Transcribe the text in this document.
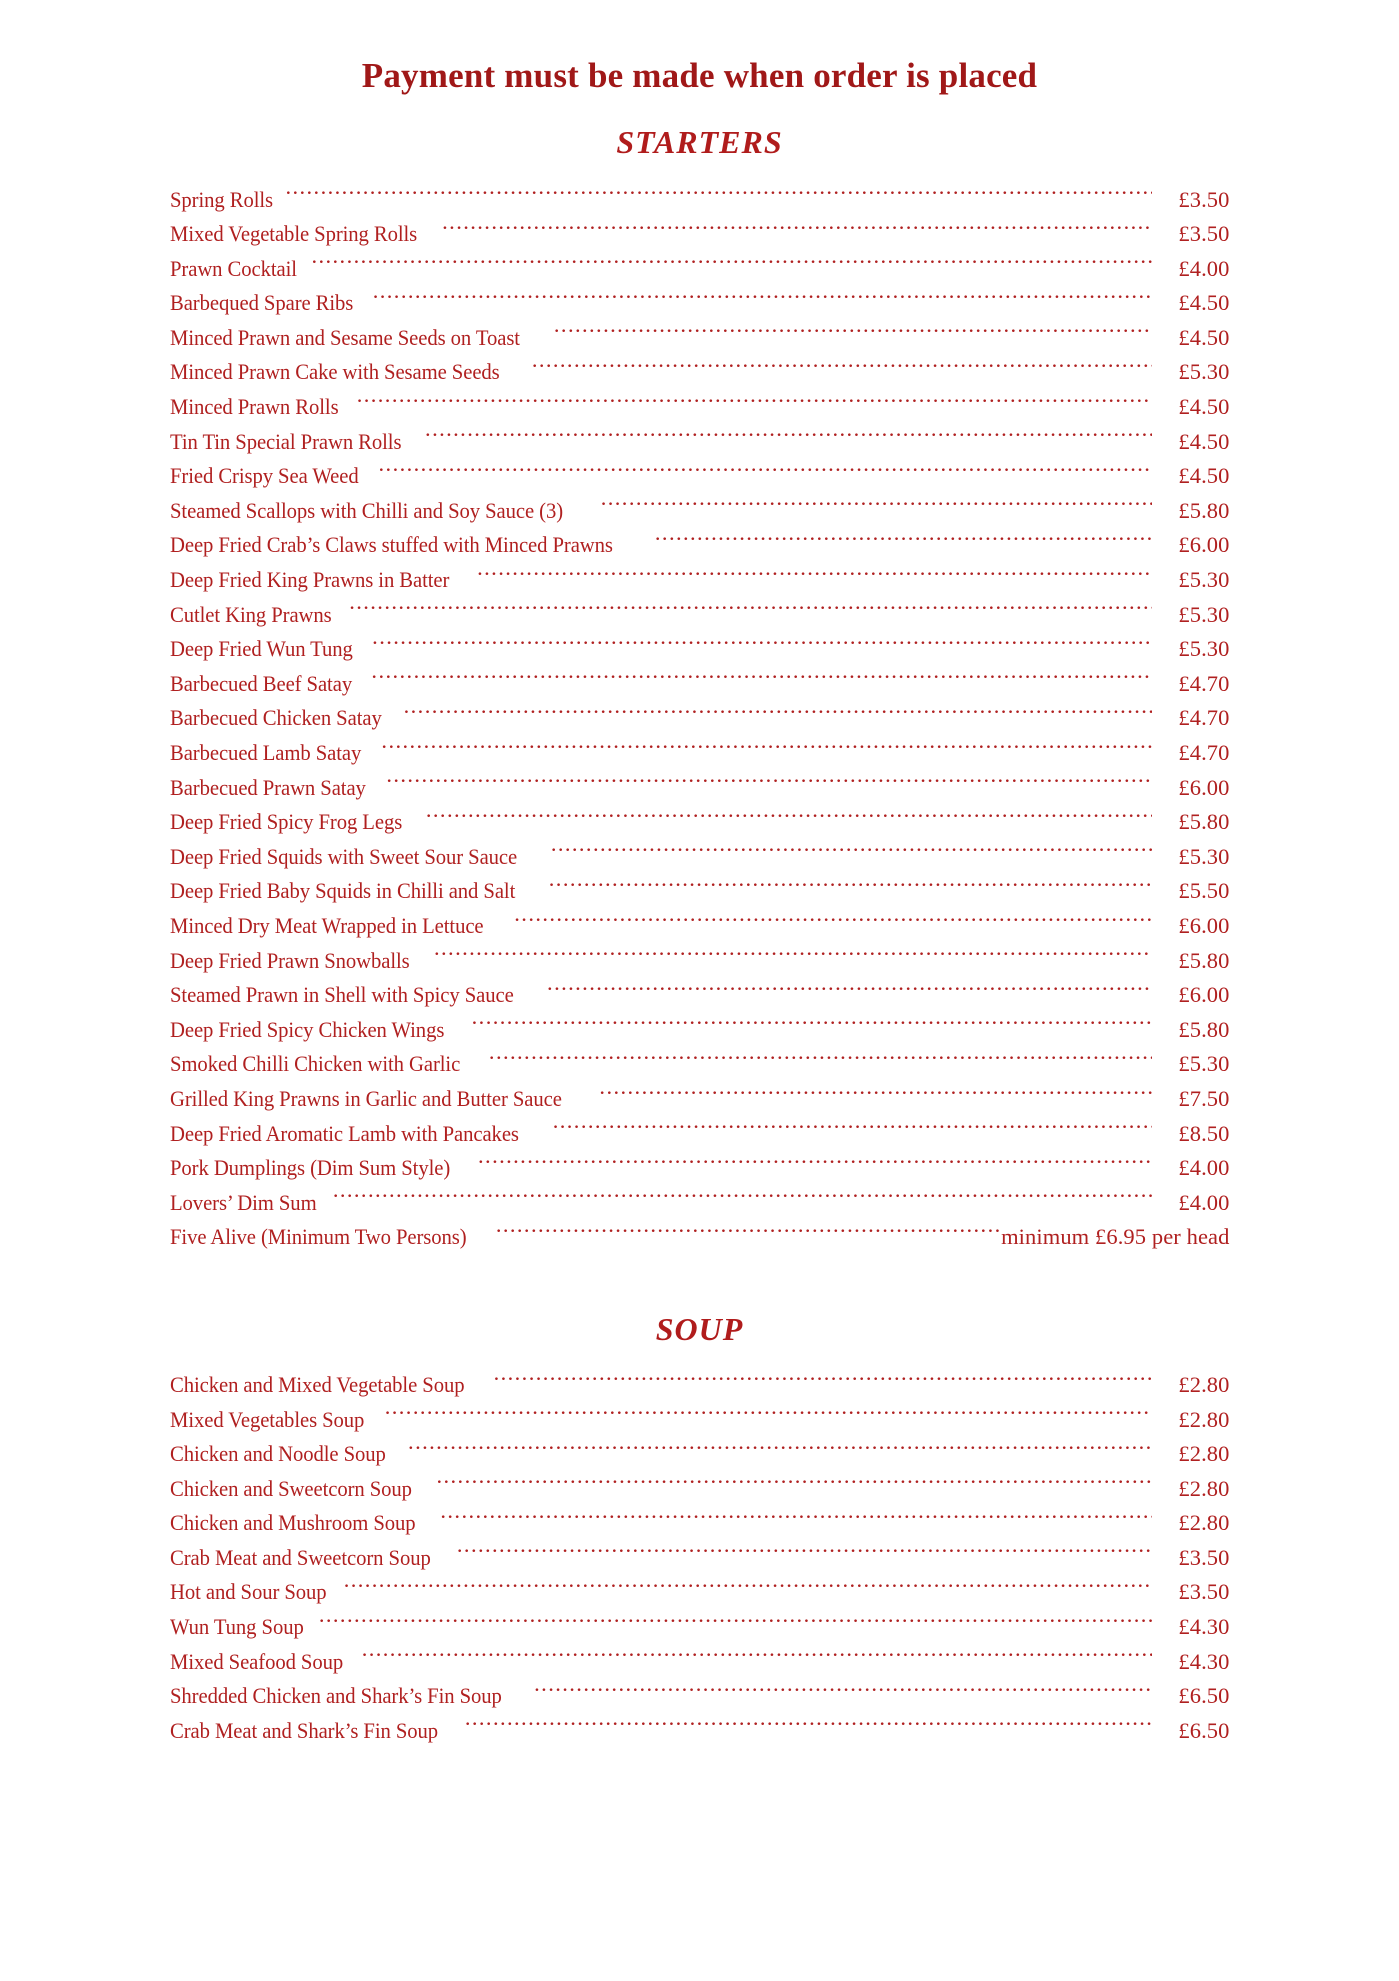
Payment must be made when order is placed
STARTERS
Spring Rolls .....	£3.50
Mixed Vegetable Spring Rolls .....	£3.50
Prawn Cocktail .....	£4.00
Barbequed Spare Ribs .....	£4.50
Minced Prawn and Sesame Seeds on Toast .....	£4.50
Minced Prawn Cake with Sesame Seeds .....	£5.30
Minced Prawn Rolls .....	£4.50
Tin Tin Special Prawn Rolls .....	£4.50
Fried Crispy Sea Weed .....	£4.50
Steamed Scallops with Chilli and Soy Sauce (3) .....	£5.80
Deep Fried Crab’s Claws stuffed with Minced Prawns .....	£6.00
Deep Fried King Prawns in Batter .....	£5.30
Cutlet King Prawns .....	£5.30
Deep Fried Wun Tung .....	£5.30
Barbecued Beef Satay .....	£4.70
Barbecued Chicken Satay .....	£4.70
Barbecued Lamb Satay .....	£4.70
Barbecued Prawn Satay .....	£6.00
Deep Fried Spicy Frog Legs .....	£5.80
Deep Fried Squids with Sweet Sour Sauce .....	£5.30
Deep Fried Baby Squids in Chilli and Salt .....	£5.50
Minced Dry Meat Wrapped in Lettuce .....	£6.00
Deep Fried Prawn Snowballs .....	£5.80
Steamed Prawn in Shell with Spicy Sauce .....	£6.00
Deep Fried Spicy Chicken Wings .....	£5.80
Smoked Chilli Chicken with Garlic .....	£5.30
Grilled King Prawns in Garlic and Butter Sauce .....	£7.50
Deep Fried Aromatic Lamb with Pancakes .....	£8.50
Pork Dumplings (Dim Sum Style) .....	£4.00
Lovers’ Dim Sum .....	£4.00
Five Alive (Minimum Two Persons) .....	minimum £6.95 per head
SOUP
Chicken and Mixed Vegetable Soup .....	£2.80
Mixed Vegetables Soup .....	£2.80
Chicken and Noodle Soup .....	£2.80
Chicken and Sweetcorn Soup .....	£2.80
Chicken and Mushroom Soup .....	£2.80
Crab Meat and Sweetcorn Soup .....	£3.50
Hot and Sour Soup .....	£3.50
Wun Tung Soup .....	£4.30
Mixed Seafood Soup .....	£4.30
Shredded Chicken and Shark’s Fin Soup .....	£6.50
Crab Meat and Shark’s Fin Soup .....	£6.50
